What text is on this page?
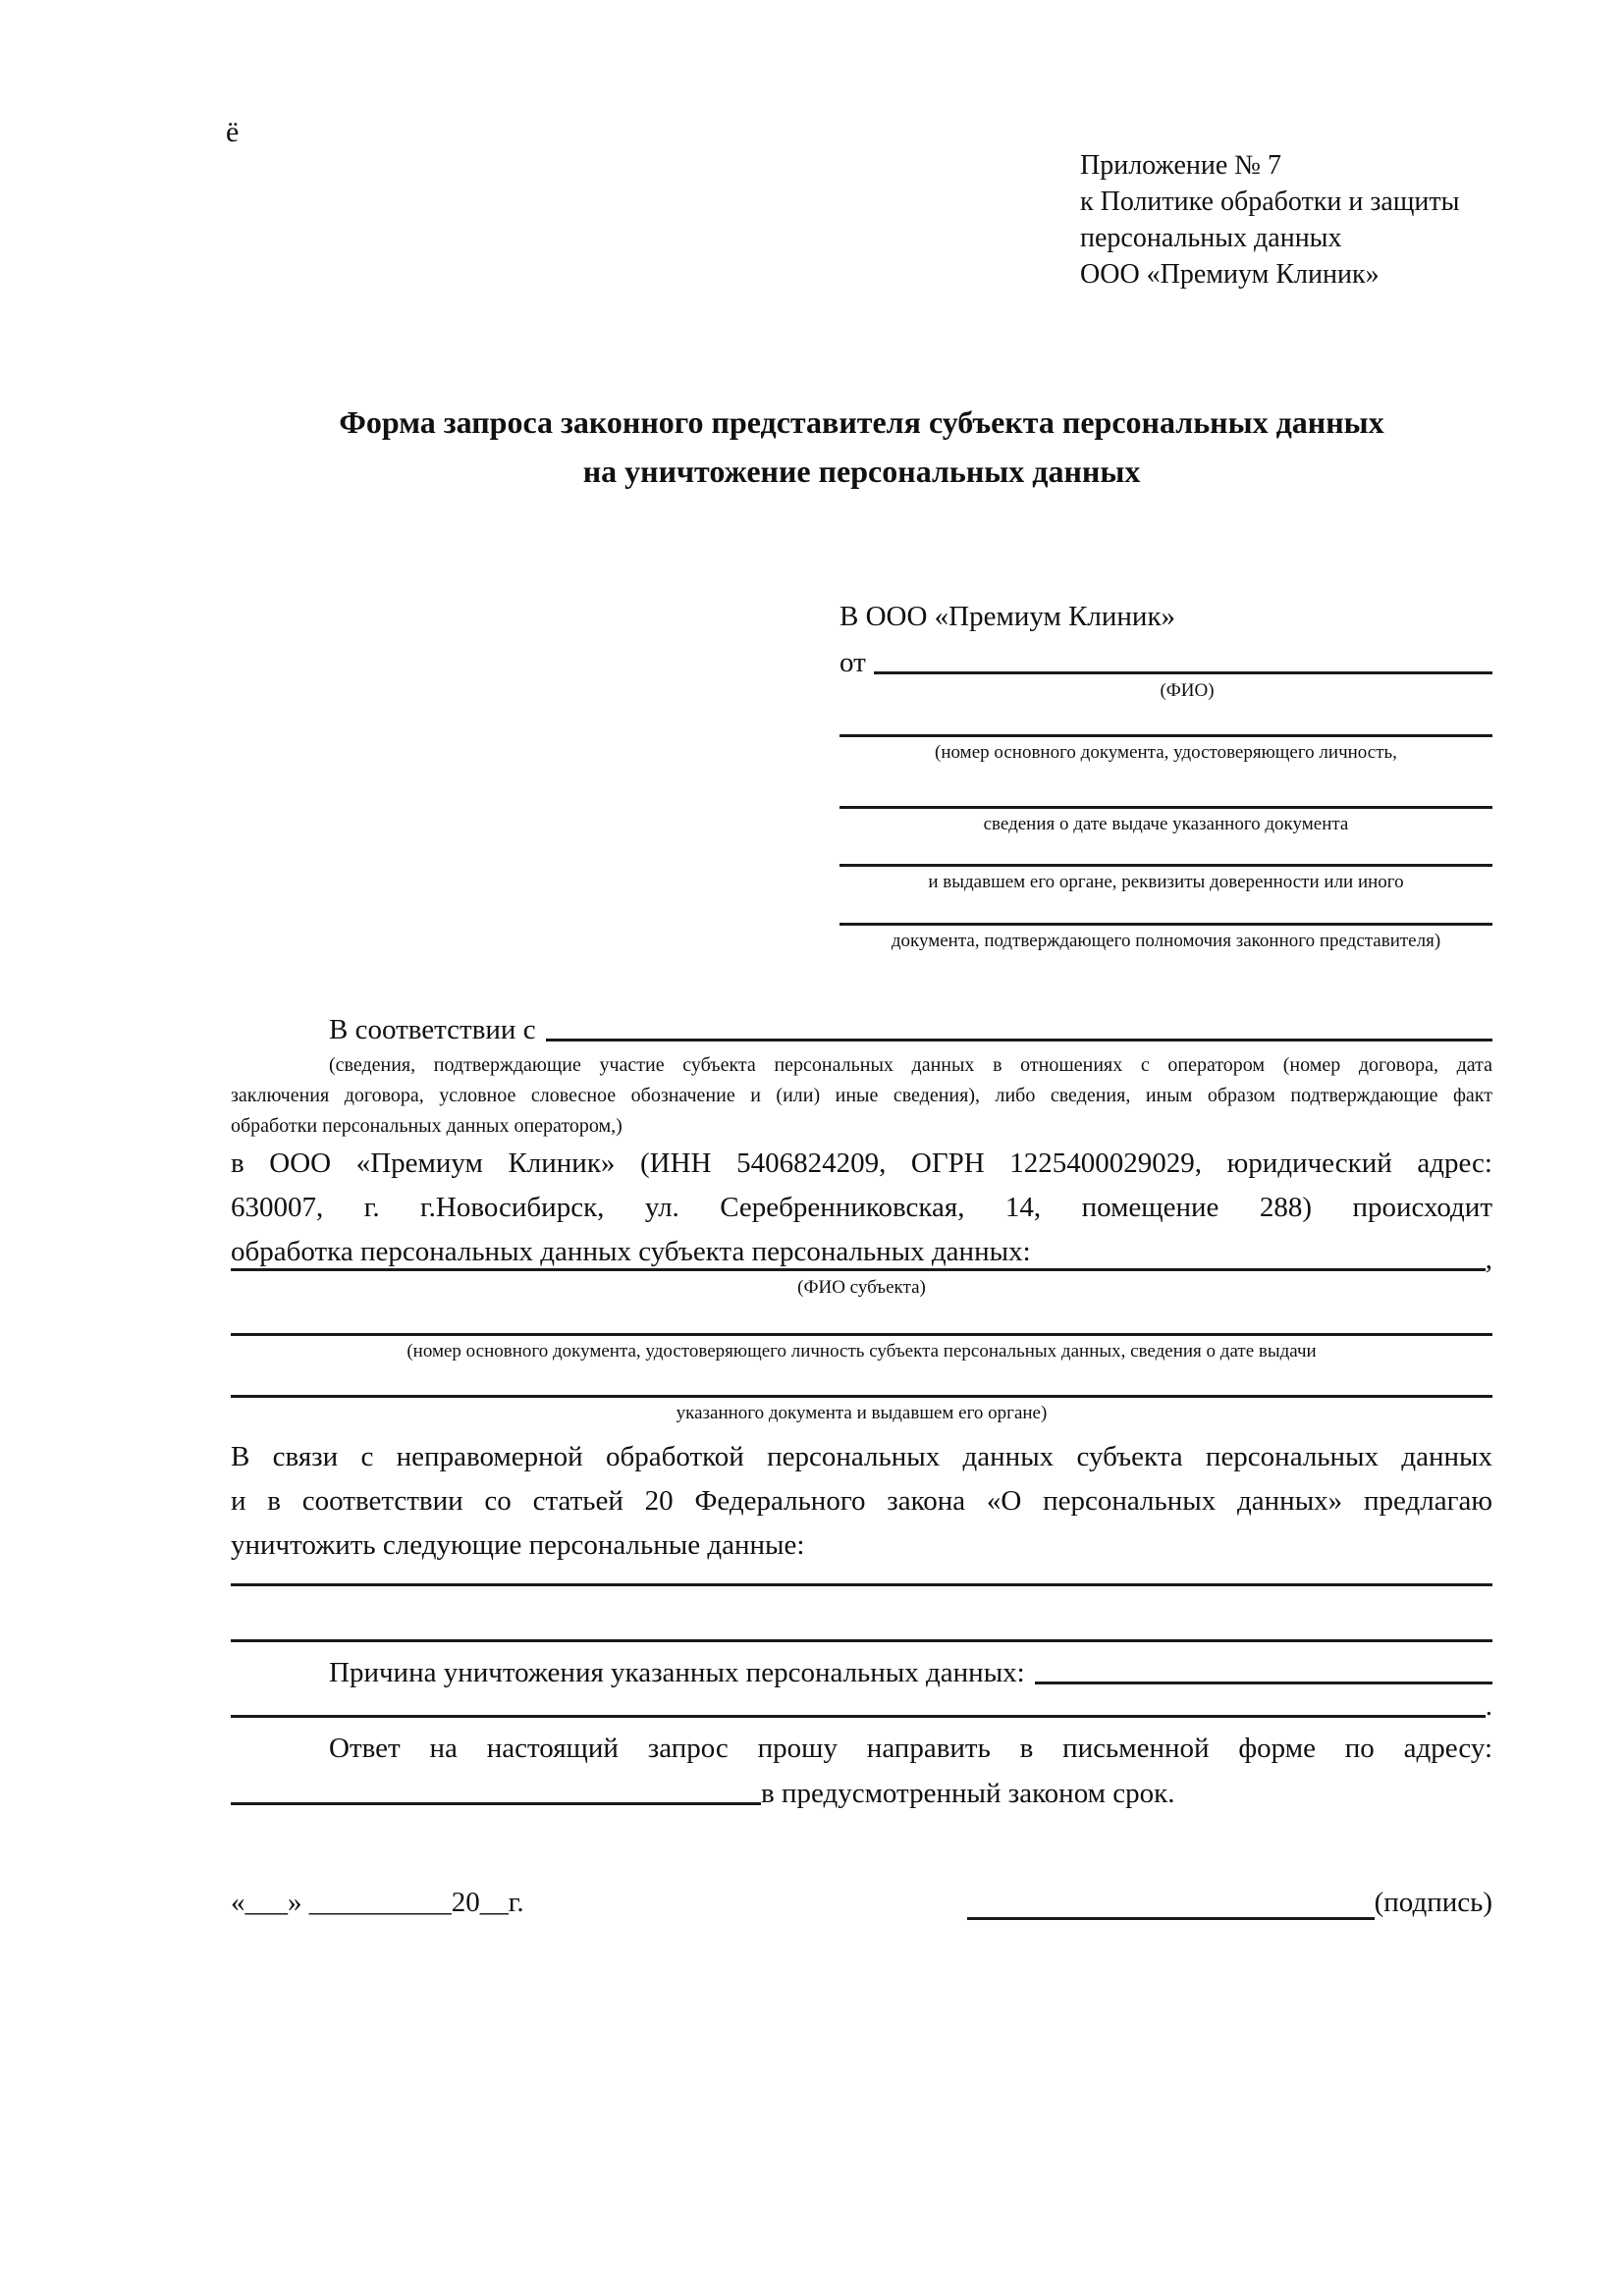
ё
Приложение № 7
к Политике обработки и защиты
персональных данных
ООО «Премиум Клиник»
Форма запроса законного представителя субъекта персональных данных
на уничтожение персональных данных
В ООО «Премиум Клиник»
от
(ФИО)
(номер основного документа, удостоверяющего личность,
сведения о дате выдаче указанного документа
и выдавшем его органе, реквизиты доверенности или иного
документа, подтверждающего полномочия законного представителя)
В соответствии с
(сведения, подтверждающие участие субъекта персональных данных в отношениях с оператором (номер договора, дата
заключения договора, условное словесное обозначение и (или) иные сведения), либо сведения, иным образом подтверждающие факт
обработки персональных данных оператором,)
в ООО «Премиум Клиник» (ИНН 5406824209, ОГРН 1225400029029, юридический адрес:
630007, г. г.Новосибирск, ул. Серебренниковская, 14, помещение 288) происходит
обработка персональных данных субъекта персональных данных:	,
(ФИО субъекта)
(номер основного документа, удостоверяющего личность субъекта персональных данных, сведения о дате выдачи
указанного документа и выдавшем его органе)
В связи с неправомерной обработкой персональных данных субъекта персональных данных
и в соответствии со статьей 20 Федерального закона «О персональных данных» предлагаю
уничтожить следующие персональные данные:
Причина уничтожения указанных персональных данных:
.
Ответ на настоящий запрос прошу направить в письменной форме по адресу:
в предусмотренный законом срок.
«___» __________20__г.	(подпись)
